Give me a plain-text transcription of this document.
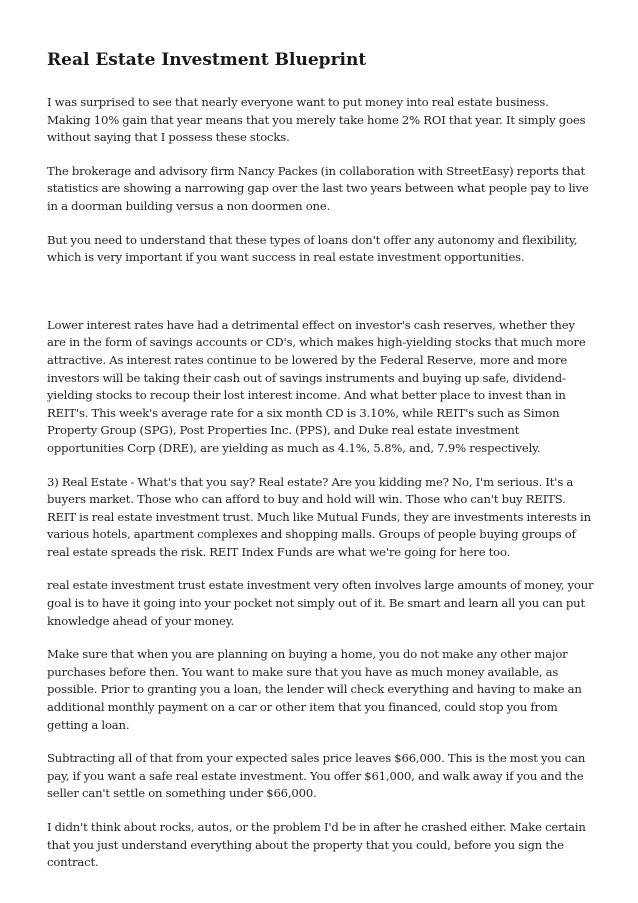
Real Estate Investment Blueprint

I was surprised to see that nearly everyone want to put money into real estate business. Making 10% gain that year means that you merely take home 2% ROI that year. It simply goes without saying that I possess these stocks.

The brokerage and advisory firm Nancy Packes (in collaboration with StreetEasy) reports that statistics are showing a narrowing gap over the last two years between what people pay to live in a doorman building versus a non doormen one.

But you need to understand that these types of loans don't offer any autonomy and flexibility, which is very important if you want success in real estate investment opportunities.

Lower interest rates have had a detrimental effect on investor's cash reserves, whether they are in the form of savings accounts or CD's, which makes high-yielding stocks that much more attractive. As interest rates continue to be lowered by the Federal Reserve, more and more investors will be taking their cash out of savings instruments and buying up safe, dividend-yielding stocks to recoup their lost interest income. And what better place to invest than in REIT's. This week's average rate for a six month CD is 3.10%, while REIT's such as Simon Property Group (SPG), Post Properties Inc. (PPS), and Duke real estate investment opportunities Corp (DRE), are yielding as much as 4.1%, 5.8%, and, 7.9% respectively.

3) Real Estate - What's that you say? Real estate? Are you kidding me? No, I'm serious. It's a buyers market. Those who can afford to buy and hold will win. Those who can't buy REITS. REIT is real estate investment trust. Much like Mutual Funds, they are investments interests in various hotels, apartment complexes and shopping malls. Groups of people buying groups of real estate spreads the risk. REIT Index Funds are what we're going for here too.

real estate investment trust estate investment very often involves large amounts of money, your goal is to have it going into your pocket not simply out of it. Be smart and learn all you can put knowledge ahead of your money.

Make sure that when you are planning on buying a home, you do not make any other major purchases before then. You want to make sure that you have as much money available, as possible. Prior to granting you a loan, the lender will check everything and having to make an additional monthly payment on a car or other item that you financed, could stop you from getting a loan.

Subtracting all of that from your expected sales price leaves $66,000. This is the most you can pay, if you want a safe real estate investment. You offer $61,000, and walk away if you and the seller can't settle on something under $66,000.

I didn't think about rocks, autos, or the problem I'd be in after he crashed either. Make certain that you just understand everything about the property that you could, before you sign the contract.
